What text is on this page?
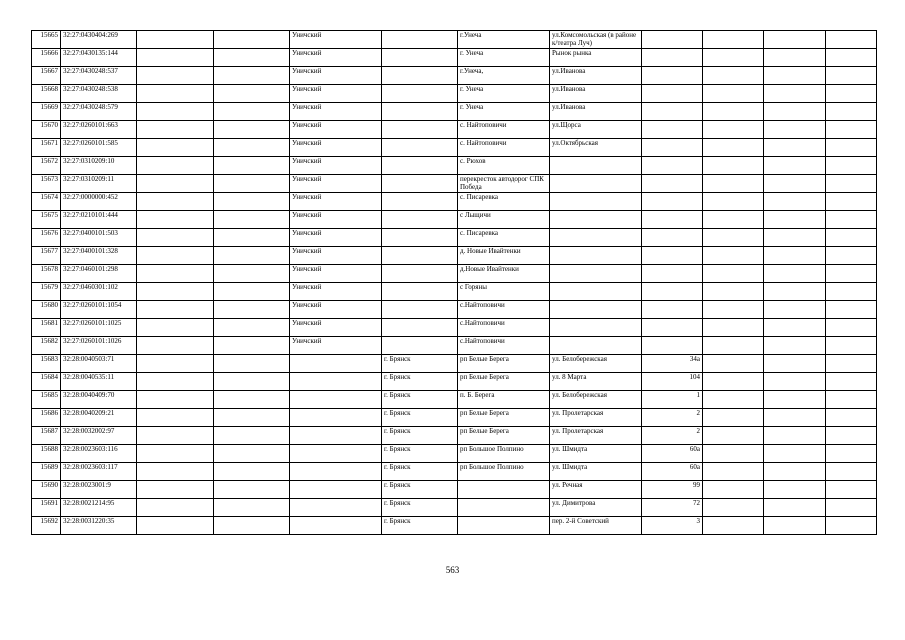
15665	32:27:0430404:269			Уничский		г.Унеча	ул.Комсомольская (в районе к/театра Луч)				
15666	32:27:0430135:144			Уничский		г. Унеча	Рынок рынка				
15667	32:27:0430248:537			Уничский		г.Унеча,	ул.Иванова				
15668	32:27:0430248:538			Уничский		г. Унеча	ул.Иванова				
15669	32:27:0430248:579			Уничский		г. Унеча	ул.Иванова				
15670	32:27:0260101:663			Уничский		с. Найтоповичи	ул.Щорса				
15671	32:27:0260101:585			Уничский		с. Найтоповичи	ул.Октябрьская				
15672	32:27:0310209:10			Уничский		с. Рюхов					
15673	32:27:0310209:11			Уничский		перекресток автодорог СПК Победа					
15674	32:27:0000000:452			Уничский		с. Писаревка					
15675	32:27:0210101:444			Уничский		с Лыщичи					
15676	32:27:0400101:503			Уничский		с. Писаревка					
15677	32:27:0400101:328			Уничский		д. Новые Ивайтенки					
15678	32:27:0460101:298			Уничский		д.Новые Ивайтенки					
15679	32:27:0460301:102			Уничский		с Горяны					
15680	32:27:0260101:1054			Уничский		с.Найтоповичи					
15681	32:27:0260101:1025			Уничский		с.Найтоповичи					
15682	32:27:0260101:1026			Уничский		с.Найтоповичи					
15683	32:28:0040503:71				г. Брянск	рп Белые Берега	ул. Белобережская	34а			
15684	32:28:0040535:11				г. Брянск	рп Белые Берега	ул. 8 Марта	104			
15685	32:28:0040409:70				г. Брянск	п. Б. Берега	ул. Белобережская	1			
15686	32:28:0040209:21				г. Брянск	рп Белые Берега	ул. Пролетарская	2			
15687	32:28:0032002:97				г. Брянск	рп Белые Берега	ул. Пролетарская	2			
15688	32:28:0023603:116				г. Брянск	рп Большое Полпино	ул. Шмидта	60а			
15689	32:28:0023603:117				г. Брянск	рп Большое Полпино	ул. Шмидта	60а			
15690	32:28:0023001:9				г. Брянск		ул. Речная	99			
15691	32:28:0021214:95				г. Брянск		ул. Димитрова	72			
15692	32:28:0031220:35				г. Брянск		пер. 2-й Советский	3			
563
